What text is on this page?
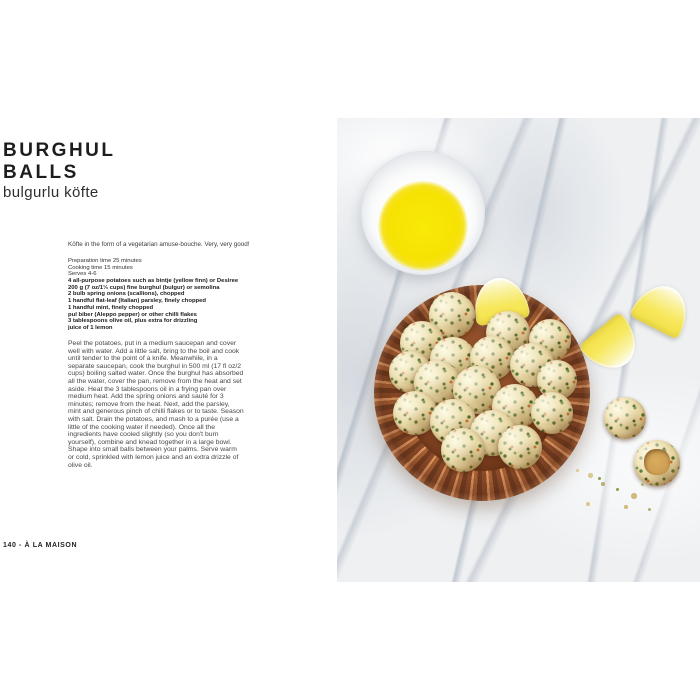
BURGHUL
BALLS

bulgurlu köfte

Köfte in the form of a vegetarian amuse-bouche. Very, very good!

Preparation time 25 minutes
Cooking time 15 minutes
Serves 4-6
4 all-purpose potatoes such as bintje (yellow finn) or Desiree
200 g (7 oz/1⅓ cups) fine burghul (bulgur) or semolina
2 bulb spring onions (scallions), chopped
1 handful flat-leaf (Italian) parsley, finely chopped
1 handful mint, finely chopped
pul biber (Aleppo pepper) or other chilli flakes
3 tablespoons olive oil, plus extra for drizzling
juice of 1 lemon

Peel the potatoes, put in a medium saucepan and cover well with water. Add a little salt, bring to the boil and cook until tender to the point of a knife. Meanwhile, in a separate saucepan, cook the burghul in 500 ml (17 fl oz/2 cups) boiling salted water. Once the burghul has absorbed all the water, cover the pan, remove from the heat and set aside. Heat the 3 tablespoons oil in a frying pan over medium heat. Add the spring onions and sauté for 3 minutes; remove from the heat. Next, add the parsley, mint and generous pinch of chilli flakes or to taste. Season with salt. Drain the potatoes, and mash to a purée (use a little of the cooking water if needed). Once all the ingredients have cooled slightly (so you don't burn yourself), combine and knead together in a large bowl. Shape into small balls between your palms. Serve warm or cold, sprinkled with lemon juice and an extra drizzle of olive oil.

140 - À LA MAISON
